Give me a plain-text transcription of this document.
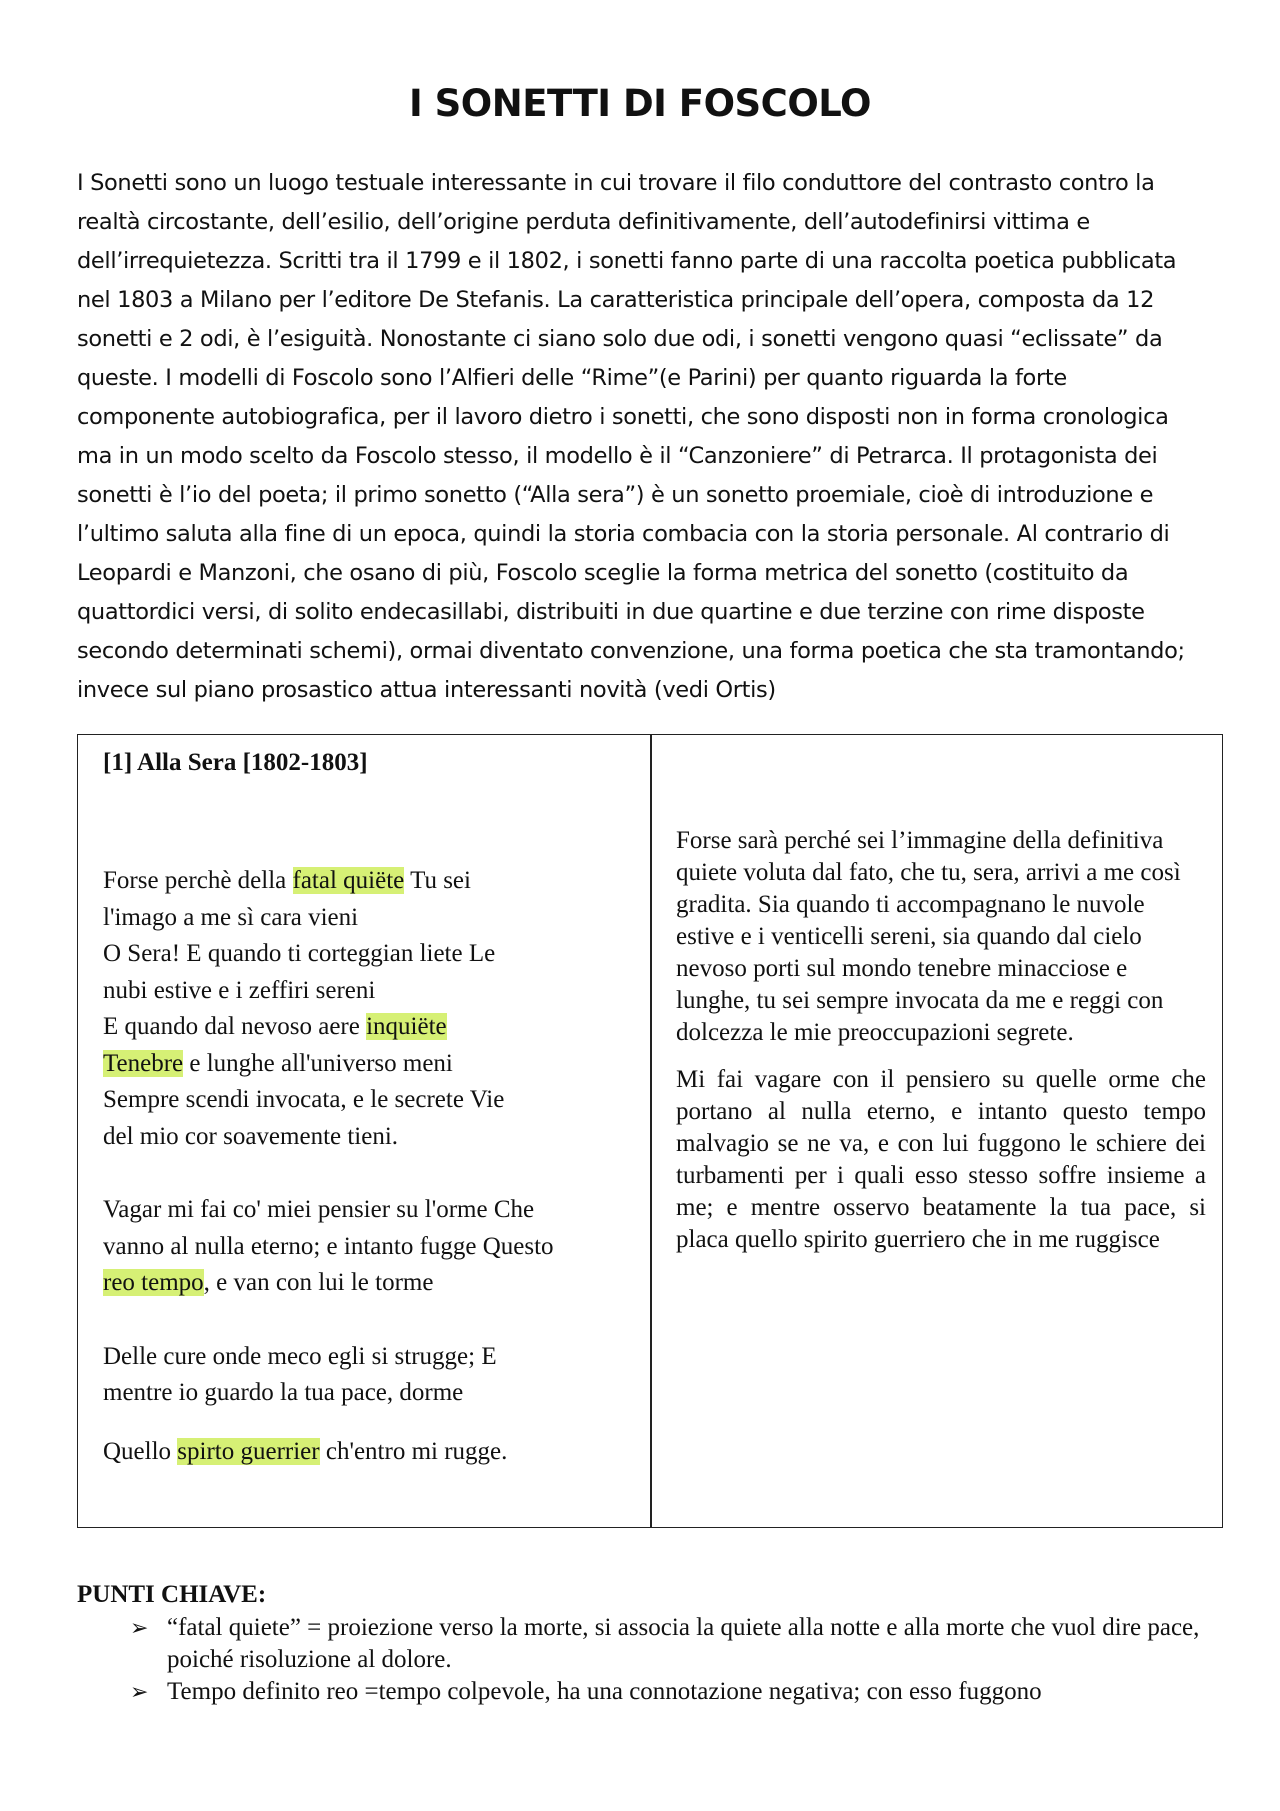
I SONETTI DI FOSCOLO

I Sonetti sono un luogo testuale interessante in cui trovare il filo conduttore del contrasto contro la realtà circostante, dell’esilio, dell’origine perduta definitivamente, dell’autodefinirsi vittima e dell’irrequietezza. Scritti tra il 1799 e il 1802, i sonetti fanno parte di una raccolta poetica pubblicata nel 1803 a Milano per l’editore De Stefanis. La caratteristica principale dell’opera, composta da 12 sonetti e 2 odi, è l’esiguità. Nonostante ci siano solo due odi, i sonetti vengono quasi “eclissate” da queste. I modelli di Foscolo sono l’Alfieri delle “Rime”(e Parini) per quanto riguarda la forte componente autobiografica, per il lavoro dietro i sonetti, che sono disposti non in forma cronologica ma in un modo scelto da Foscolo stesso, il modello è il “Canzoniere” di Petrarca. Il protagonista dei sonetti è l’io del poeta; il primo sonetto (“Alla sera”) è un sonetto proemiale, cioè di introduzione e l’ultimo saluta alla fine di un epoca, quindi la storia combacia con la storia personale. Al contrario di Leopardi e Manzoni, che osano di più, Foscolo sceglie la forma metrica del sonetto (costituito da quattordici versi, di solito endecasillabi, distribuiti in due quartine e due terzine con rime disposte secondo determinati schemi), ormai diventato convenzione, una forma poetica che sta tramontando; invece sul piano prosastico attua interessanti novità (vedi Ortis)

[1] Alla Sera [1802-1803]

Forse perchè della fatal quiëte Tu sei
l'imago a me sì cara vieni
O Sera! E quando ti corteggian liete Le
nubi estive e i zeffiri sereni
E quando dal nevoso aere inquiëte
Tenebre e lunghe all'universo meni
Sempre scendi invocata, e le secrete Vie
del mio cor soavemente tieni.

Vagar mi fai co' miei pensier su l'orme Che
vanno al nulla eterno; e intanto fugge Questo
reo tempo, e van con lui le torme

Delle cure onde meco egli si strugge; E
mentre io guardo la tua pace, dorme

Quello spirto guerrier ch'entro mi rugge.

Forse sarà perché sei l’immagine della definitiva quiete voluta dal fato, che tu, sera, arrivi a me così gradita. Sia quando ti accompagnano le nuvole estive e i venticelli sereni, sia quando dal cielo nevoso porti sul mondo tenebre minacciose e lunghe, tu sei sempre invocata da me e reggi con dolcezza le mie preoccupazioni segrete.

Mi fai vagare con il pensiero su quelle orme che portano al nulla eterno, e intanto questo tempo malvagio se ne va, e con lui fuggono le schiere dei turbamenti per i quali esso stesso soffre insieme a me; e mentre osservo beatamente la tua pace, si placa quello spirito guerriero che in me ruggisce

PUNTI CHIAVE:

➢ “fatal quiete” = proiezione verso la morte, si associa la quiete alla notte e alla morte che vuol dire pace, poiché risoluzione al dolore.
➢ Tempo definito reo =tempo colpevole, ha una connotazione negativa; con esso fuggono
